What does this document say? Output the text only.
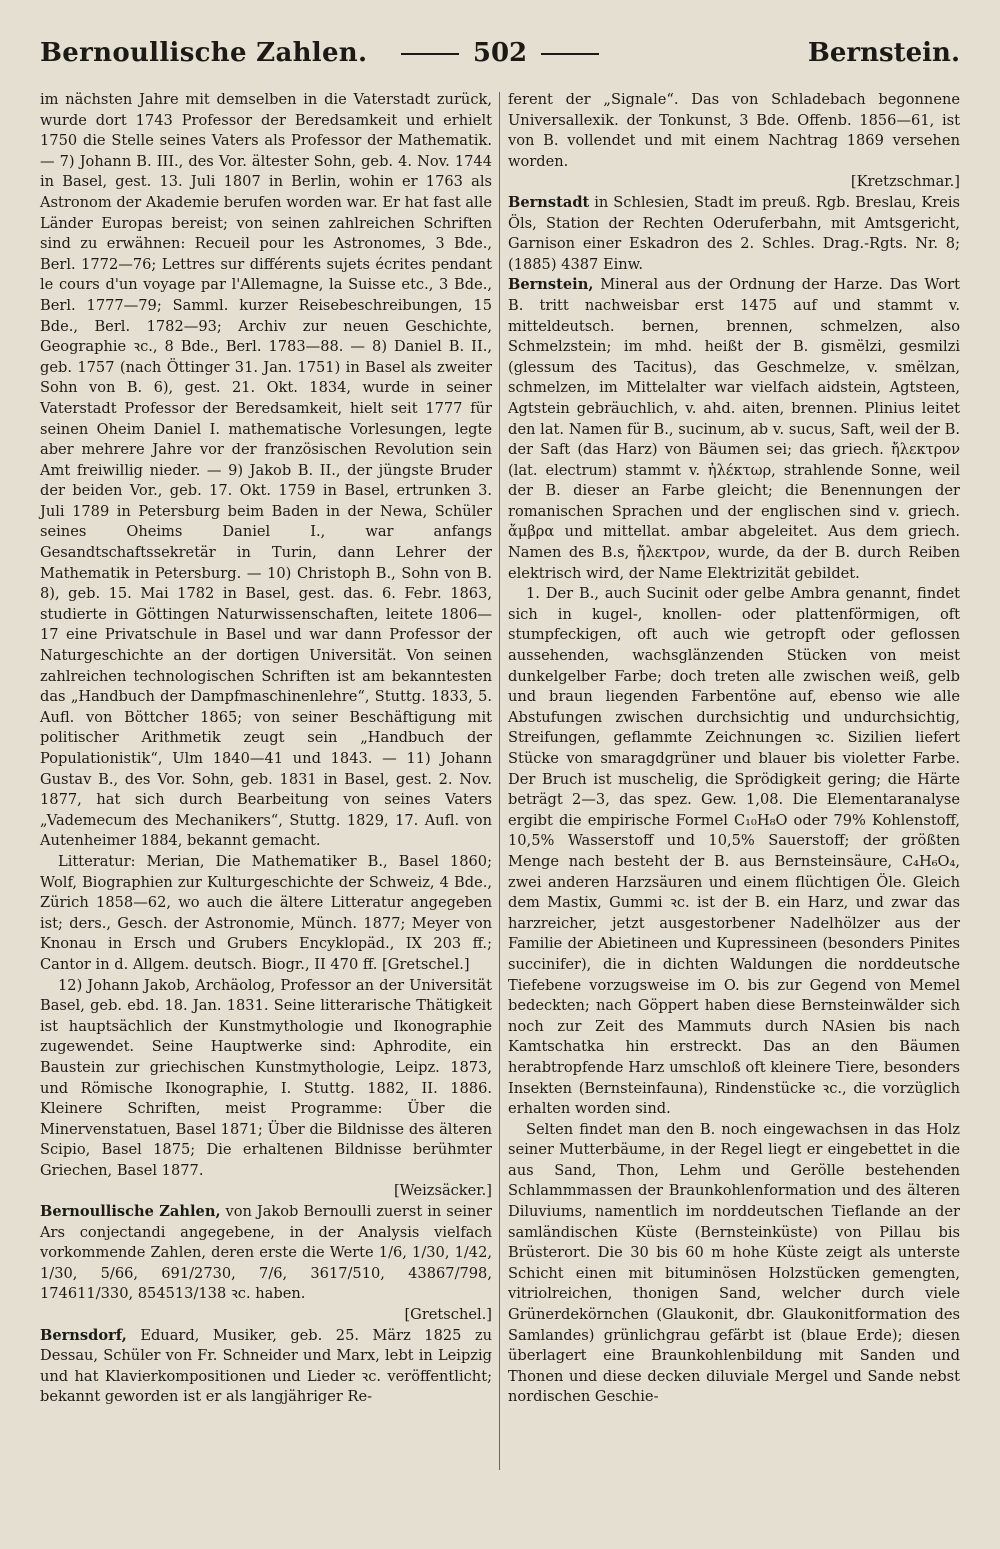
Bernoullische Zahlen.	502	Bernstein.

im nächsten Jahre mit demselben in die Vaterstadt zurück, wurde dort 1743 Professor der Beredsamkeit und erhielt 1750 die Stelle seines Vaters als Professor der Mathematik. — 7) Johann B. III., des Vor. ältester Sohn, geb. 4. Nov. 1744 in Basel, gest. 13. Juli 1807 in Berlin, wohin er 1763 als Astronom der Akademie berufen worden war. Er hat fast alle Länder Europas bereist; von seinen zahlreichen Schriften sind zu erwähnen: Recueil pour les Astronomes, 3 Bde., Berl. 1772—76; Lettres sur différents sujets écrites pendant le cours d'un voyage par l'Allemagne, la Suisse etc., 3 Bde., Berl. 1777—79; Samml. kurzer Reisebeschreibungen, 15 Bde., Berl. 1782—93; Archiv zur neuen Geschichte, Geographie ꝛc., 8 Bde., Berl. 1783—88. — 8) Daniel B. II., geb. 1757 (nach Öttinger 31. Jan. 1751) in Basel als zweiter Sohn von B. 6), gest. 21. Okt. 1834, wurde in seiner Vaterstadt Professor der Beredsamkeit, hielt seit 1777 für seinen Oheim Daniel I. mathematische Vorlesungen, legte aber mehrere Jahre vor der französischen Revolution sein Amt freiwillig nieder. — 9) Jakob B. II., der jüngste Bruder der beiden Vor., geb. 17. Okt. 1759 in Basel, ertrunken 3. Juli 1789 in Petersburg beim Baden in der Newa, Schüler seines Oheims Daniel I., war anfangs Gesandtschaftssekretär in Turin, dann Lehrer der Mathematik in Petersburg. — 10) Christoph B., Sohn von B. 8), geb. 15. Mai 1782 in Basel, gest. das. 6. Febr. 1863, studierte in Göttingen Naturwissenschaften, leitete 1806—17 eine Privatschule in Basel und war dann Professor der Naturgeschichte an der dortigen Universität. Von seinen zahlreichen technologischen Schriften ist am bekanntesten das „Handbuch der Dampfmaschinenlehre“, Stuttg. 1833, 5. Aufl. von Böttcher 1865; von seiner Beschäftigung mit politischer Arithmetik zeugt sein „Handbuch der Populationistik“, Ulm 1840—41 und 1843. — 11) Johann Gustav B., des Vor. Sohn, geb. 1831 in Basel, gest. 2. Nov. 1877, hat sich durch Bearbeitung von seines Vaters „Vademecum des Mechanikers“, Stuttg. 1829, 17. Aufl. von Autenheimer 1884, bekannt gemacht.

Litteratur: Merian, Die Mathematiker B., Basel 1860; Wolf, Biographien zur Kulturgeschichte der Schweiz, 4 Bde., Zürich 1858—62, wo auch die ältere Litteratur angegeben ist; ders., Gesch. der Astronomie, Münch. 1877; Meyer von Knonau in Ersch und Grubers Encyklopäd., IX 203 ff.; Cantor in d. Allgem. deutsch. Biogr., II 470 ff. [Gretschel.]

12) Johann Jakob, Archäolog, Professor an der Universität Basel, geb. ebd. 18. Jan. 1831. Seine litterarische Thätigkeit ist hauptsächlich der Kunstmythologie und Ikonographie zugewendet. Seine Hauptwerke sind: Aphrodite, ein Baustein zur griechischen Kunstmythologie, Leipz. 1873, und Römische Ikonographie, I. Stuttg. 1882, II. 1886. Kleinere Schriften, meist Programme: Über die Minervenstatuen, Basel 1871; Über die Bildnisse des älteren Scipio, Basel 1875; Die erhaltenen Bildnisse berühmter Griechen, Basel 1877.

[Weizsäcker.]

Bernoullische Zahlen, von Jakob Bernoulli zuerst in seiner Ars conjectandi angegebene, in der Analysis vielfach vorkommende Zahlen, deren erste die Werte 1/6, 1/30, 1/42, 1/30, 5/66, 691/2730, 7/6, 3617/510, 43867/798, 174611/330, 854513/138 ꝛc. haben.

[Gretschel.]

Bernsdorf, Eduard, Musiker, geb. 25. März 1825 zu Dessau, Schüler von Fr. Schneider und Marx, lebt in Leipzig und hat Klavierkompositionen und Lieder ꝛc. veröffentlicht; bekannt geworden ist er als langjähriger Re-

ferent der „Signale“. Das von Schladebach begonnene Universallexik. der Tonkunst, 3 Bde. Offenb. 1856—61, ist von B. vollendet und mit einem Nachtrag 1869 versehen worden.

[Kretzschmar.]

Bernstadt in Schlesien, Stadt im preuß. Rgb. Breslau, Kreis Öls, Station der Rechten Oderuferbahn, mit Amtsgericht, Garnison einer Eskadron des 2. Schles. Drag.-Rgts. Nr. 8; (1885) 4387 Einw.

Bernstein, Mineral aus der Ordnung der Harze. Das Wort B. tritt nachweisbar erst 1475 auf und stammt v. mitteldeutsch. bernen, brennen, schmelzen, also Schmelzstein; im mhd. heißt der B. gismëlzi, gesmilzi (glessum des Tacitus), das Geschmelze, v. smëlzan, schmelzen, im Mittelalter war vielfach aidstein, Agtsteen, Agtstein gebräuchlich, v. ahd. aiten, brennen. Plinius leitet den lat. Namen für B., sucinum, ab v. sucus, Saft, weil der B. der Saft (das Harz) von Bäumen sei; das griech. ἤλεκτρον (lat. electrum) stammt v. ἠλέκτωρ, strahlende Sonne, weil der B. dieser an Farbe gleicht; die Benennungen der romanischen Sprachen und der englischen sind v. griech. ἄμβρα und mittellat. ambar abgeleitet. Aus dem griech. Namen des B.s, ἤλεκτρον, wurde, da der B. durch Reiben elektrisch wird, der Name Elektrizität gebildet.

1. Der B., auch Sucinit oder gelbe Ambra genannt, findet sich in kugel-, knollen- oder plattenförmigen, oft stumpfeckigen, oft auch wie getropft oder geflossen aussehenden, wachsglänzenden Stücken von meist dunkelgelber Farbe; doch treten alle zwischen weiß, gelb und braun liegenden Farbentöne auf, ebenso wie alle Abstufungen zwischen durchsichtig und undurchsichtig, Streifungen, geflammte Zeichnungen ꝛc. Sizilien liefert Stücke von smaragdgrüner und blauer bis violetter Farbe. Der Bruch ist muschelig, die Sprödigkeit gering; die Härte beträgt 2—3, das spez. Gew. 1,08. Die Elementaranalyse ergibt die empirische Formel C₁₀H₈O oder 79% Kohlenstoff, 10,5% Wasserstoff und 10,5% Sauerstoff; der größten Menge nach besteht der B. aus Bernsteinsäure, C₄H₆O₄, zwei anderen Harzsäuren und einem flüchtigen Öle. Gleich dem Mastix, Gummi ꝛc. ist der B. ein Harz, und zwar das harzreicher, jetzt ausgestorbener Nadelhölzer aus der Familie der Abietineen und Kupressineen (besonders Pinites succinifer), die in dichten Waldungen die norddeutsche Tiefebene vorzugsweise im O. bis zur Gegend von Memel bedeckten; nach Göppert haben diese Bernsteinwälder sich noch zur Zeit des Mammuts durch NAsien bis nach Kamtschatka hin erstreckt. Das an den Bäumen herabtropfende Harz umschloß oft kleinere Tiere, besonders Insekten (Bernsteinfauna), Rindenstücke ꝛc., die vorzüglich erhalten worden sind.

Selten findet man den B. noch eingewachsen in das Holz seiner Mutterbäume, in der Regel liegt er eingebettet in die aus Sand, Thon, Lehm und Gerölle bestehenden Schlammmassen der Braunkohlenformation und des älteren Diluviums, namentlich im norddeutschen Tieflande an der samländischen Küste (Bernsteinküste) von Pillau bis Brüsterort. Die 30 bis 60 m hohe Küste zeigt als unterste Schicht einen mit bituminösen Holzstücken gemengten, vitriolreichen, thonigen Sand, welcher durch viele Grünerdekörnchen (Glaukonit, dbr. Glaukonitformation des Samlandes) grünlichgrau gefärbt ist (blaue Erde); diesen überlagert eine Braunkohlenbildung mit Sanden und Thonen und diese decken diluviale Mergel und Sande nebst nordischen Geschie-
